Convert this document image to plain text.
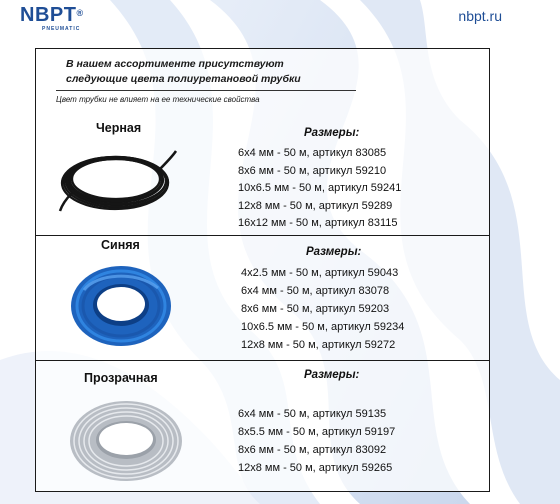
NBPT®
PNEUMATIC
nbpt.ru
В нашем ассортименте присутствуют
следующие цвета полиуретановой трубки
Цвет трубки не влияет на ее технические свойства
Черная	Размеры:
6x4 мм - 50 м, артикул 83085
8x6 мм - 50 м, артикул 59210
10x6.5 мм - 50 м, артикул 59241
12x8 мм - 50 м, артикул 59289
16x12 мм - 50 м, артикул 83115
Синяя	Размеры:
4x2.5 мм - 50 м, артикул 59043
6x4 мм - 50 м, артикул 83078
8x6 мм - 50 м, артикул 59203
10x6.5 мм - 50 м, артикул 59234
12x8 мм - 50 м, артикул 59272
Прозрачная	Размеры:
6x4 мм - 50 м, артикул 59135
8x5.5 мм - 50 м, артикул 59197
8x6 мм - 50 м, артикул 83092
12x8 мм - 50 м, артикул 59265
